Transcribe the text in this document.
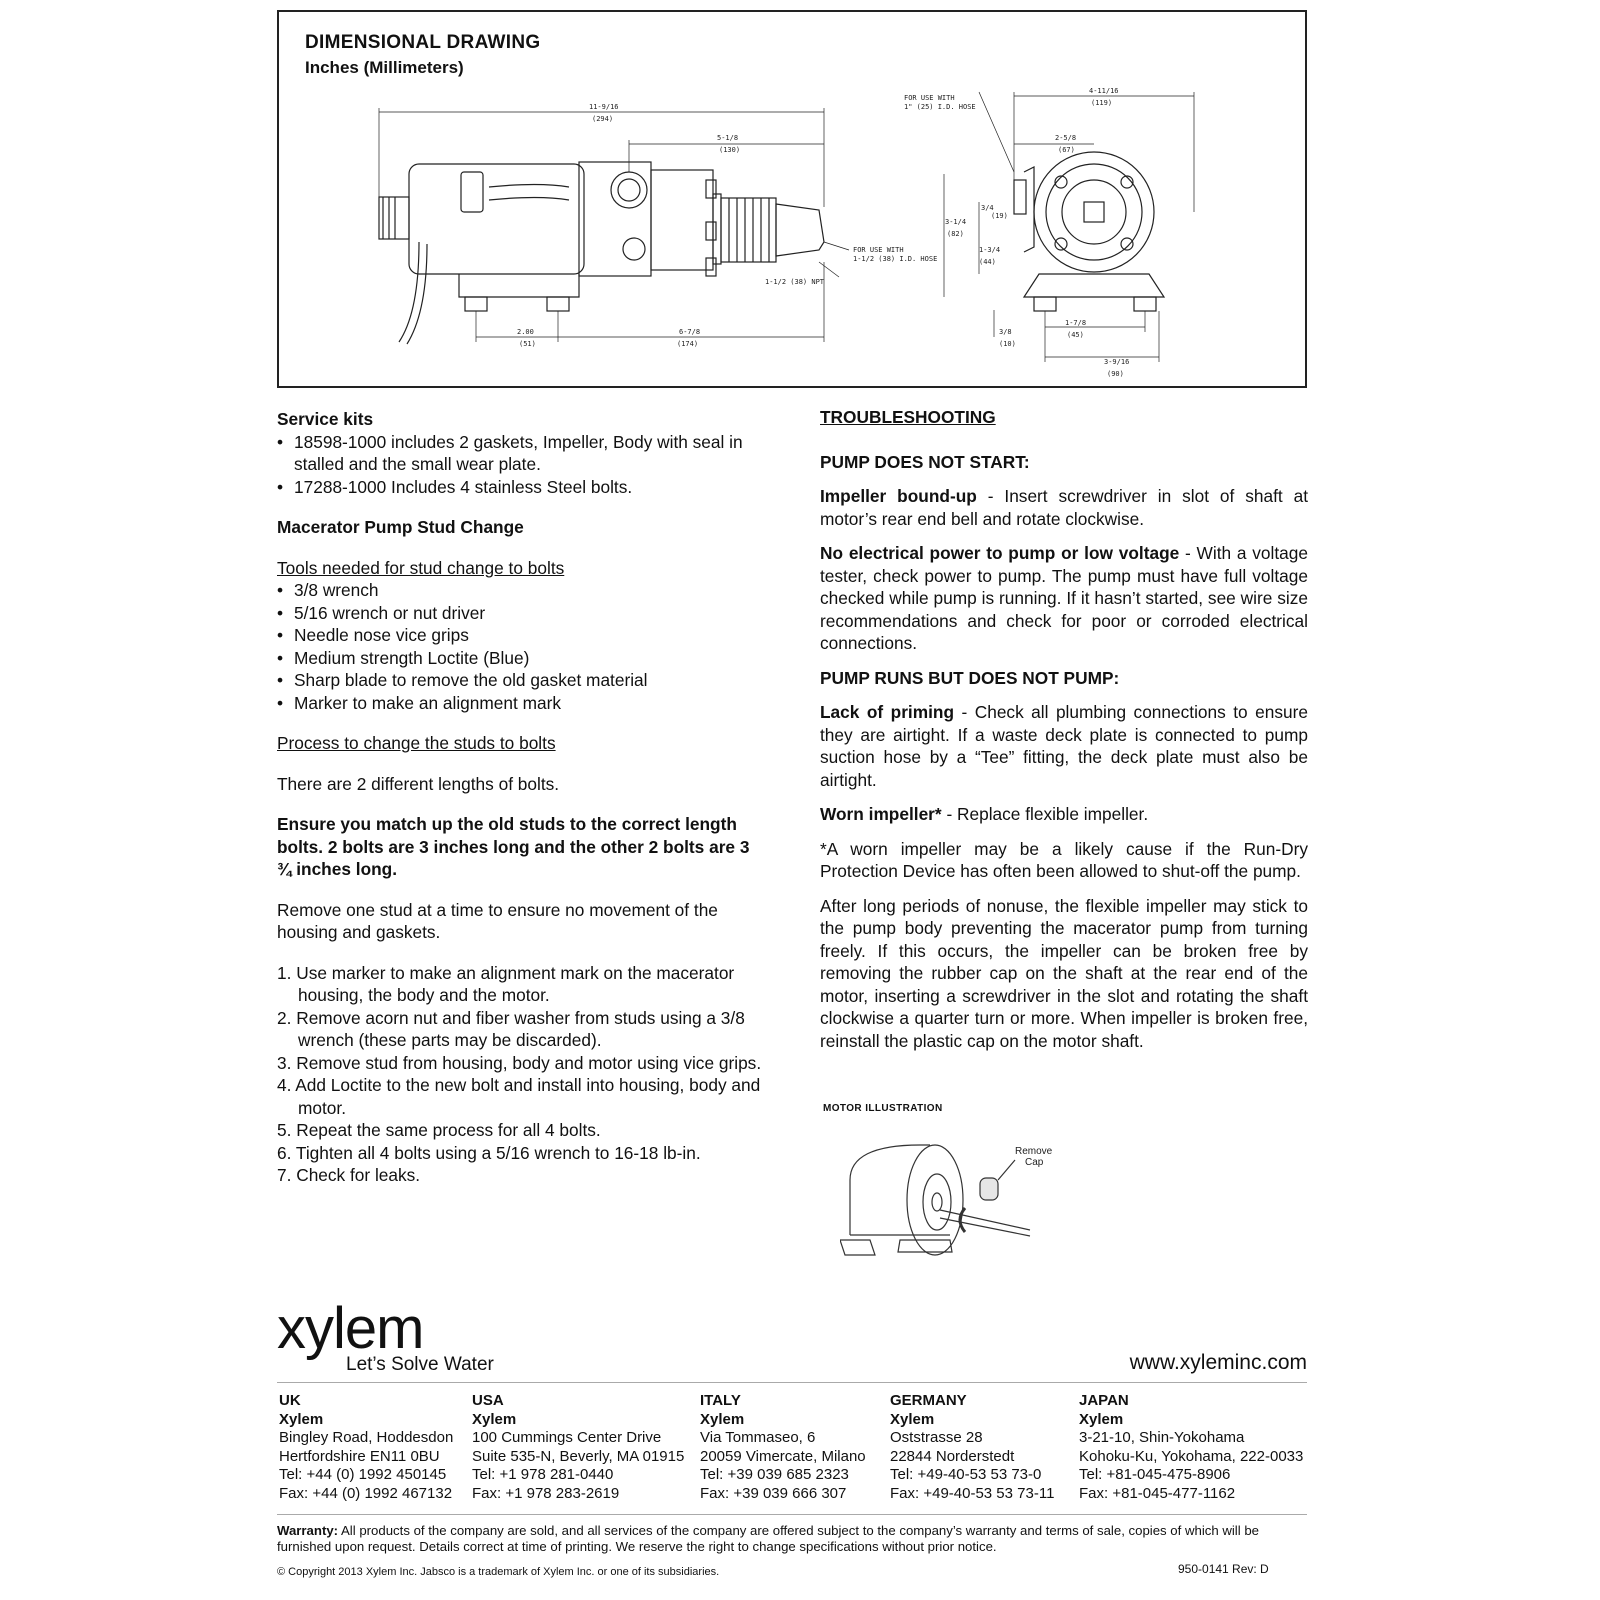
DIMENSIONAL DRAWING
Inches (Millimeters)
11-9/16
(294)
5-1/8
(130)
2.00
(51)
6-7/8
(174)
1-1/2 (38) NPT
FOR USE WITH
1" (25) I.D. HOSE
FOR USE WITH
1-1/2 (38) I.D. HOSE
4-11/16
(119)
2-5/8
(67)
3-1/4
(82)
3/4
(19)
1-3/4
(44)
3/8
(10)
1-7/8
(45)
3-9/16
(90)

Service kits

• 18598-1000 includes 2 gaskets, Impeller, Body with seal in stalled and the small wear plate.
• 17288-1000 Includes 4 stainless Steel bolts.

Macerator Pump Stud Change

Tools needed for stud change to bolts

• 3/8 wrench
• 5/16 wrench or nut driver
• Needle nose vice grips
• Medium strength Loctite (Blue)
• Sharp blade to remove the old gasket material
• Marker to make an alignment mark

Process to change the studs to bolts

There are 2 different lengths of bolts.

Ensure you match up the old studs to the correct length bolts. 2 bolts are 3 inches long and the other 2 bolts are 3 ¾ inches long.

Remove one stud at a time to ensure no movement of the housing and gaskets.

1. Use marker to make an alignment mark on the macerator housing, the body and the motor.
2. Remove acorn nut and fiber washer from studs using a 3/8 wrench (these parts may be discarded).
3. Remove stud from housing, body and motor using vice grips.
4. Add Loctite to the new bolt and install into housing, body and motor.
5. Repeat the same process for all 4 bolts.
6. Tighten all 4 bolts using a 5/16 wrench to 16-18 lb-in.
7. Check for leaks.

TROUBLESHOOTING

PUMP DOES NOT START:

Impeller bound-up - Insert screwdriver in slot of shaft at motor’s rear end bell and rotate clockwise.

No electrical power to pump or low voltage - With a voltage tester, check power to pump. The pump must have full voltage checked while pump is running. If it hasn’t started, see wire size recommendations and check for poor or corroded electrical connections.

PUMP RUNS BUT DOES NOT PUMP:

Lack of priming - Check all plumbing connections to ensure they are airtight. If a waste deck plate is connected to pump suction hose by a “Tee” fitting, the deck plate must also be airtight.

Worn impeller* - Replace flexible impeller.

*A worn impeller may be a likely cause if the Run-Dry Protection Device has often been allowed to shut-off the pump.

After long periods of nonuse, the flexible impeller may stick to the pump body preventing the macerator pump from turning freely. If this occurs, the impeller can be broken free by removing the rubber cap on the shaft at the rear end of the motor, inserting a screwdriver in the slot and rotating the shaft clockwise a quarter turn or more. When impeller is broken free, reinstall the plastic cap on the motor shaft.

MOTOR ILLUSTRATION
Remove
Cap
xylem
Let’s Solve Water	www.xyleminc.com
UK
Xylem
Bingley Road, Hoddesdon
Hertfordshire EN11 0BU
Tel: +44 (0) 1992 450145
Fax: +44 (0) 1992 467132
USA
Xylem
100 Cummings Center Drive
Suite 535-N, Beverly, MA 01915
Tel: +1 978 281-0440
Fax: +1 978 283-2619
ITALY
Xylem
Via Tommaseo, 6
20059 Vimercate, Milano
Tel: +39 039 685 2323
Fax: +39 039 666 307
GERMANY
Xylem
Oststrasse 28
22844 Norderstedt
Tel: +49-40-53 53 73-0
Fax: +49-40-53 53 73-11
JAPAN
Xylem
3-21-10, Shin-Yokohama
Kohoku-Ku, Yokohama, 222-0033
Tel: +81-045-475-8906
Fax: +81-045-477-1162
Warranty: All products of the company are sold, and all services of the company are offered subject to the company’s warranty and terms of sale, copies of which will be furnished upon request. Details correct at time of printing. We reserve the right to change specifications without prior notice.
© Copyright 2013 Xylem Inc. Jabsco is a trademark of Xylem Inc. or one of its subsidiaries.	950-0141 Rev: D
